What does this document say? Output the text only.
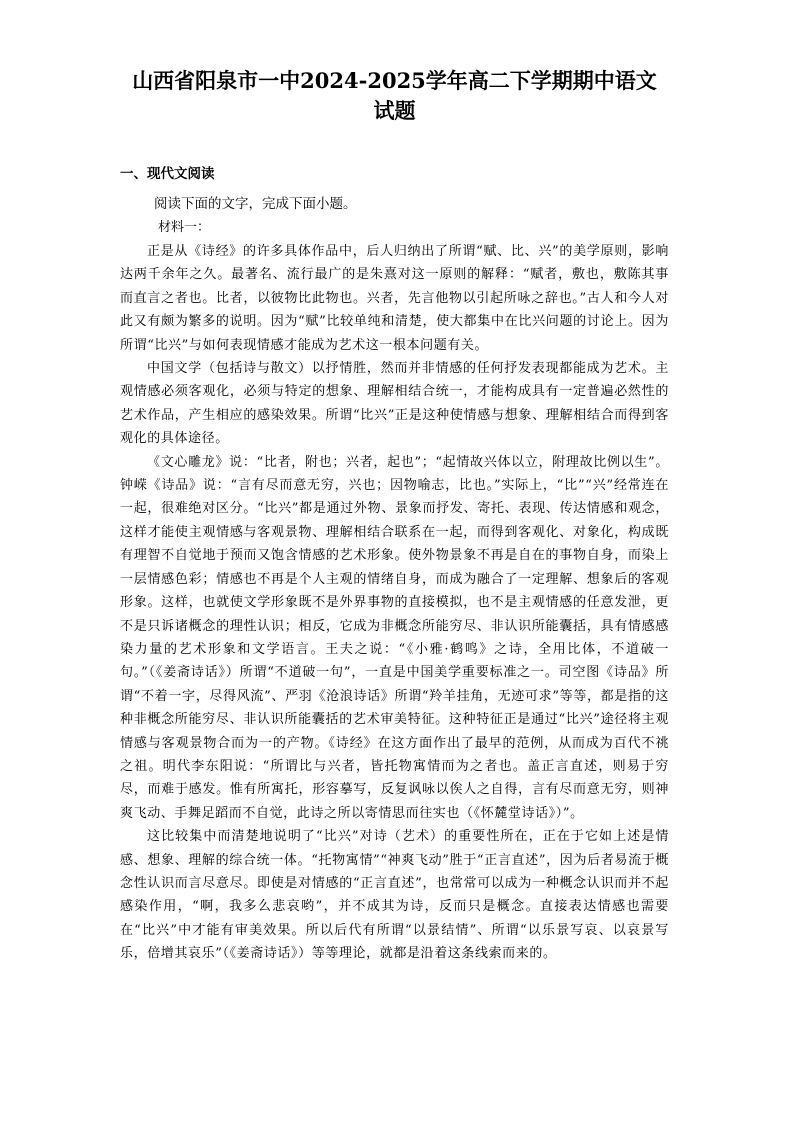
山西省阳泉市一中2024-2025学年高二下学期期中语文试题
一、现代文阅读
阅读下面的文字，完成下面小题。
材料一：

正是从《诗经》的许多具体作品中，后人归纳出了所谓“赋、比、兴”的美学原则，影响达两千余年之久。最著名、流行最广的是朱熹对这一原则的解释：“赋者，敷也，敷陈其事而直言之者也。比者，以彼物比此物也。兴者，先言他物以引起所咏之辞也。”古人和今人对此又有颇为繁多的说明。因为“赋”比较单纯和清楚，使大都集中在比兴问题的讨论上。因为所谓“比兴”与如何表现情感才能成为艺术这一根本问题有关。

中国文学（包括诗与散文）以抒情胜，然而并非情感的任何抒发表现都能成为艺术。主观情感必须客观化，必须与特定的想象、理解相结合统一，才能构成具有一定普遍必然性的艺术作品，产生相应的感染效果。所谓“比兴”正是这种使情感与想象、理解相结合而得到客观化的具体途径。

《文心雕龙》说：“比者，附也；兴者，起也”；“起情故兴体以立，附理故比例以生”。钟嵘《诗品》说：“言有尽而意无穷，兴也；因物喻志，比也。”实际上，“比”“兴”经常连在一起，很难绝对区分。“比兴”都是通过外物、景象而抒发、寄托、表现、传达情感和观念，这样才能使主观情感与客观景物、理解相结合联系在一起，而得到客观化、对象化，构成既有理智不自觉地于预而又饱含情感的艺术形象。使外物景象不再是自在的事物自身，而染上一层情感色彩；情感也不再是个人主观的情绪自身，而成为融合了一定理解、想象后的客观形象。这样，也就使文学形象既不是外界事物的直接模拟，也不是主观情感的任意发泄，更不是只诉诸概念的理性认识；相反，它成为非概念所能穷尽、非认识所能囊括，具有情感感染力量的艺术形象和文学语言。王夫之说：“《小雅·鹤鸣》之诗，全用比体，不道破一句。”（《姜斋诗话》）所谓“不道破一句”，一直是中国美学重要标准之一。司空图《诗品》所谓“不着一字，尽得风流”、严羽《沧浪诗话》所谓“羚羊挂角，无迹可求”等等，都是指的这种非概念所能穷尽、非认识所能囊括的艺术审美特征。这种特征正是通过“比兴”途径将主观情感与客观景物合而为一的产物。《诗经》在这方面作出了最早的范例，从而成为百代不祧之祖。明代李东阳说：“所谓比与兴者，皆托物寓情而为之者也。盖正言直述，则易于穷尽，而难于感发。惟有所寓托，形容摹写，反复讽咏以俟人之自得，言有尽而意无穷，则神爽飞动、手舞足蹈而不自觉，此诗之所以寄情思而往实也（《怀麓堂诗话》）”。

这比较集中而清楚地说明了“比兴”对诗（艺术）的重要性所在，正在于它如上述是情感、想象、理解的综合统一体。“托物寓情”“神爽飞动”胜于“正言直述”，因为后者易流于概念性认识而言尽意尽。即使是对情感的“正言直述”，也常常可以成为一种概念认识而并不起感染作用，“啊，我多么悲哀哟”，并不成其为诗，反而只是概念。直接表达情感也需要在“比兴”中才能有审美效果。所以后代有所谓“以景结情”、所谓“以乐景写哀、以哀景写乐，倍增其哀乐”（《姜斋诗话》）等等理论，就都是沿着这条线索而来的。
